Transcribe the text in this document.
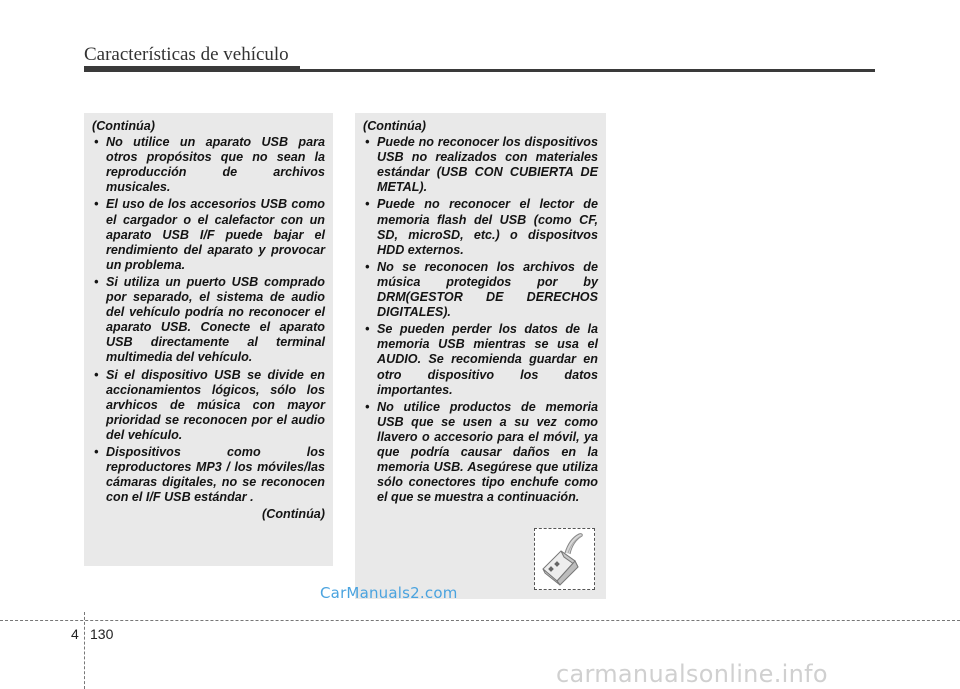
Características de vehículo
(Continúa)
• No utilice un aparato USB para otros propósitos que no sean la reproducción de archivos musicales.
• El uso de los accesorios USB como el cargador o el calefactor con un aparato USB I/F puede bajar el rendimiento del aparato y provocar un problema.
• Si utiliza un puerto USB comprado por separado, el sistema de audio del vehículo podría no reconocer el aparato USB. Conecte el aparato USB directamente al terminal multimedia del vehículo.
• Si el dispositivo USB se divide en accionamientos lógicos, sólo los arvhicos de música con mayor prioridad se reconocen por el audio del vehículo.
• Dispositivos como los reproductores MP3 / los móviles/las cámaras digitales, no se reconocen con el I/F USB estándar .
(Continúa)
(Continúa)
• Puede no reconocer los dispositivos USB no realizados con materiales estándar (USB CON CUBIERTA DE METAL).
• Puede no reconocer el lector de memoria flash del USB (como CF, SD, microSD, etc.) o dispositvos HDD externos.
• No se reconocen los archivos de música protegidos por by DRM(GESTOR DE DERECHOS DIGITALES).
• Se pueden perder los datos de la memoria USB mientras se usa el AUDIO. Se recomienda guardar en otro dispositivo los datos importantes.
• No utilice productos de memoria USB que se usen a su vez como llavero o accesorio para el móvil, ya que podría causar daños en la memoria USB. Asegúrese que utiliza sólo conectores tipo enchufe como el que se muestra a continuación.
CarManuals2.com
4 130
carmanualsonline.info
